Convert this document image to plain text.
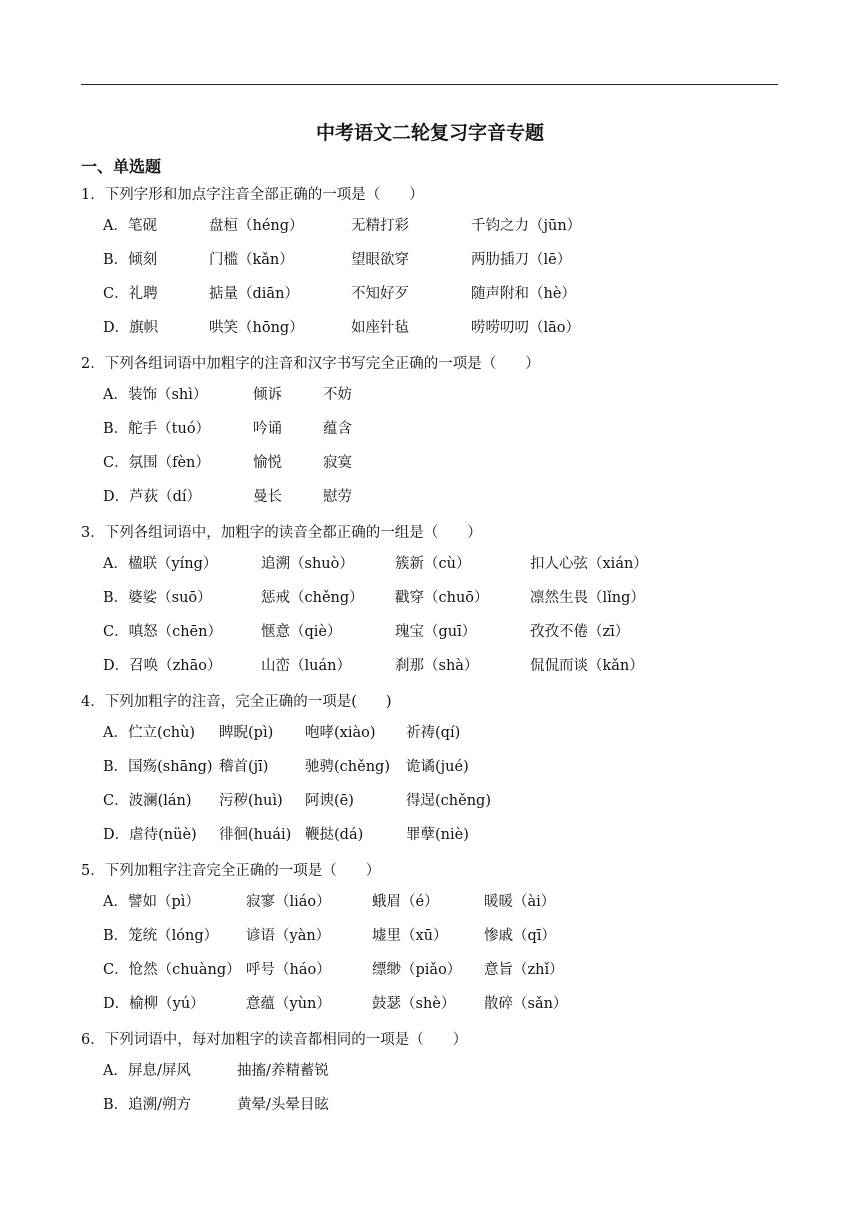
中考语文二轮复习字音专题
一、单选题
1．下列字形和加点字注音全部正确的一项是（　　）
A．笔砚	盘桓（héng）	无精打彩	千钧之力（jūn）
B．倾刻	门槛（kǎn）	望眼欲穿	两肋插刀（lē）
C．礼聘	掂量（diān）	不知好歹	随声附和（hè）
D．旗帜	哄笑（hōng）	如座针毡	唠唠叨叨（lāo）
2．下列各组词语中加粗字的注音和汉字书写完全正确的一项是（　　）
A．装饰（shì）	倾诉	不妨
B．舵手（tuó）	吟诵	蕴含
C．氛围（fèn）	愉悦	寂寞
D．芦荻（dí）	曼长	慰劳
3．下列各组词语中，加粗字的读音全都正确的一组是（　　）
A．楹联（yíng）	追溯（shuò）	簇新（cù）	扣人心弦（xián）
B．婆娑（suō）	惩戒（chěng） 戳穿（chuō）	凛然生畏（lǐng）
C．嗔怒（chēn）	惬意（qiè）	瑰宝（guī）	孜孜不倦（zī）
D．召唤（zhāo）	山峦（luán）	刹那（shà）	侃侃而谈（kǎn）
4．下列加粗字的注音，完全正确的一项是(　　)
A．伫立(chù) 睥睨(pì) 咆哮(xiào) 祈祷(qí)
B．国殇(shāng) 稽首(jī)	驰骋(chěng) 诡谲(jué)
C．波澜(lán) 污秽(huì) 阿谀(ē)	得逞(chěng)
D．虐待(nüè) 徘徊(huái) 鞭挞(dá)	罪孽(niè)
5．下列加粗字注音完全正确的一项是（　　）
A．譬如（pì）	寂寥（liáo）	蛾眉（é）	暖暖（ài）
B．笼统（lóng） 谚语（yàn）	墟里（xū）	惨戚（qī）
C．怆然（chuàng） 呼号（háo）	缥缈（piǎo） 意旨（zhǐ）
D．榆柳（yú）	意蕴（yùn）	鼓瑟（shè） 散碎（sǎn）
6．下列词语中，每对加粗字的读音都相同的一项是（　　）
A．屏息/屏风	抽搐/养精蓄锐
B．追溯/朔方	黄晕/头晕目眩
